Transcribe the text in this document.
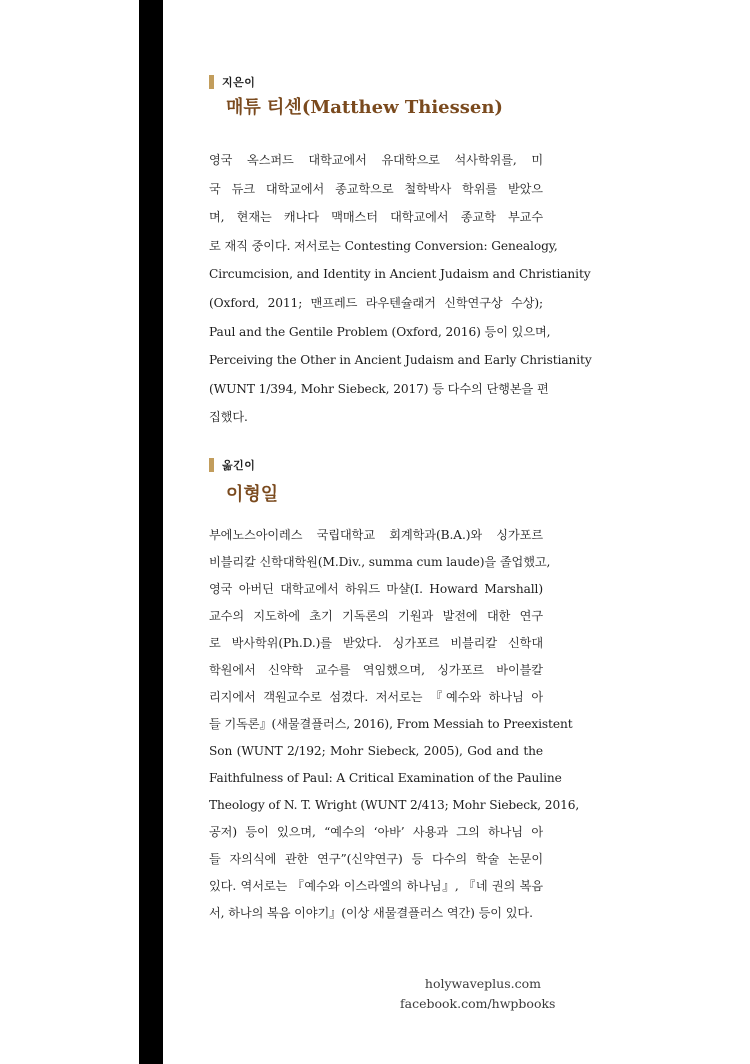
지은이
매튜 티센(Matthew Thiessen)
영국 옥스퍼드 대학교에서 유대학으로 석사학위를, 미
국 듀크 대학교에서 종교학으로 철학박사 학위를 받았으
며, 현재는 캐나다 맥매스터 대학교에서 종교학 부교수
로 재직 중이다. 저서로는 Contesting Conversion: Genealogy,
Circumcision, and Identity in Ancient Judaism and Christianity
(Oxford, 2011; 맨프레드 라우텐슐래거 신학연구상 수상);
Paul and the Gentile Problem (Oxford, 2016) 등이 있으며,
Perceiving the Other in Ancient Judaism and Early Christianity
(WUNT 1/394, Mohr Siebeck, 2017) 등 다수의 단행본을 편
집했다.
옮긴이
이형일
부에노스아이레스 국립대학교 회계학과(B.A.)와 싱가포르
비블리칼 신학대학원(M.Div., summa cum laude)을 졸업했고,
영국 아버딘 대학교에서 하워드 마샬(I. Howard Marshall)
교수의 지도하에 초기 기독론의 기원과 발전에 대한 연구
로 박사학위(Ph.D.)를 받았다. 싱가포르 비블리칼 신학대
학원에서 신약학 교수를 역임했으며, 싱가포르 바이블칼
리지에서 객원교수로 섬겼다. 저서로는 『예수와 하나님 아
들 기독론』(새물결플러스, 2016), From Messiah to Preexistent
Son (WUNT 2/192; Mohr Siebeck, 2005), God and the
Faithfulness of Paul: A Critical Examination of the Pauline
Theology of N. T. Wright (WUNT 2/413; Mohr Siebeck, 2016,
공저) 등이 있으며, “예수의 ‘아바’ 사용과 그의 하나님 아
들 자의식에 관한 연구”(신약연구) 등 다수의 학술 논문이
있다. 역서로는 『예수와 이스라엘의 하나님』, 『네 권의 복음
서, 하나의 복음 이야기』(이상 새물결플러스 역간) 등이 있다.
holywaveplus.com
facebook.com/hwpbooks
